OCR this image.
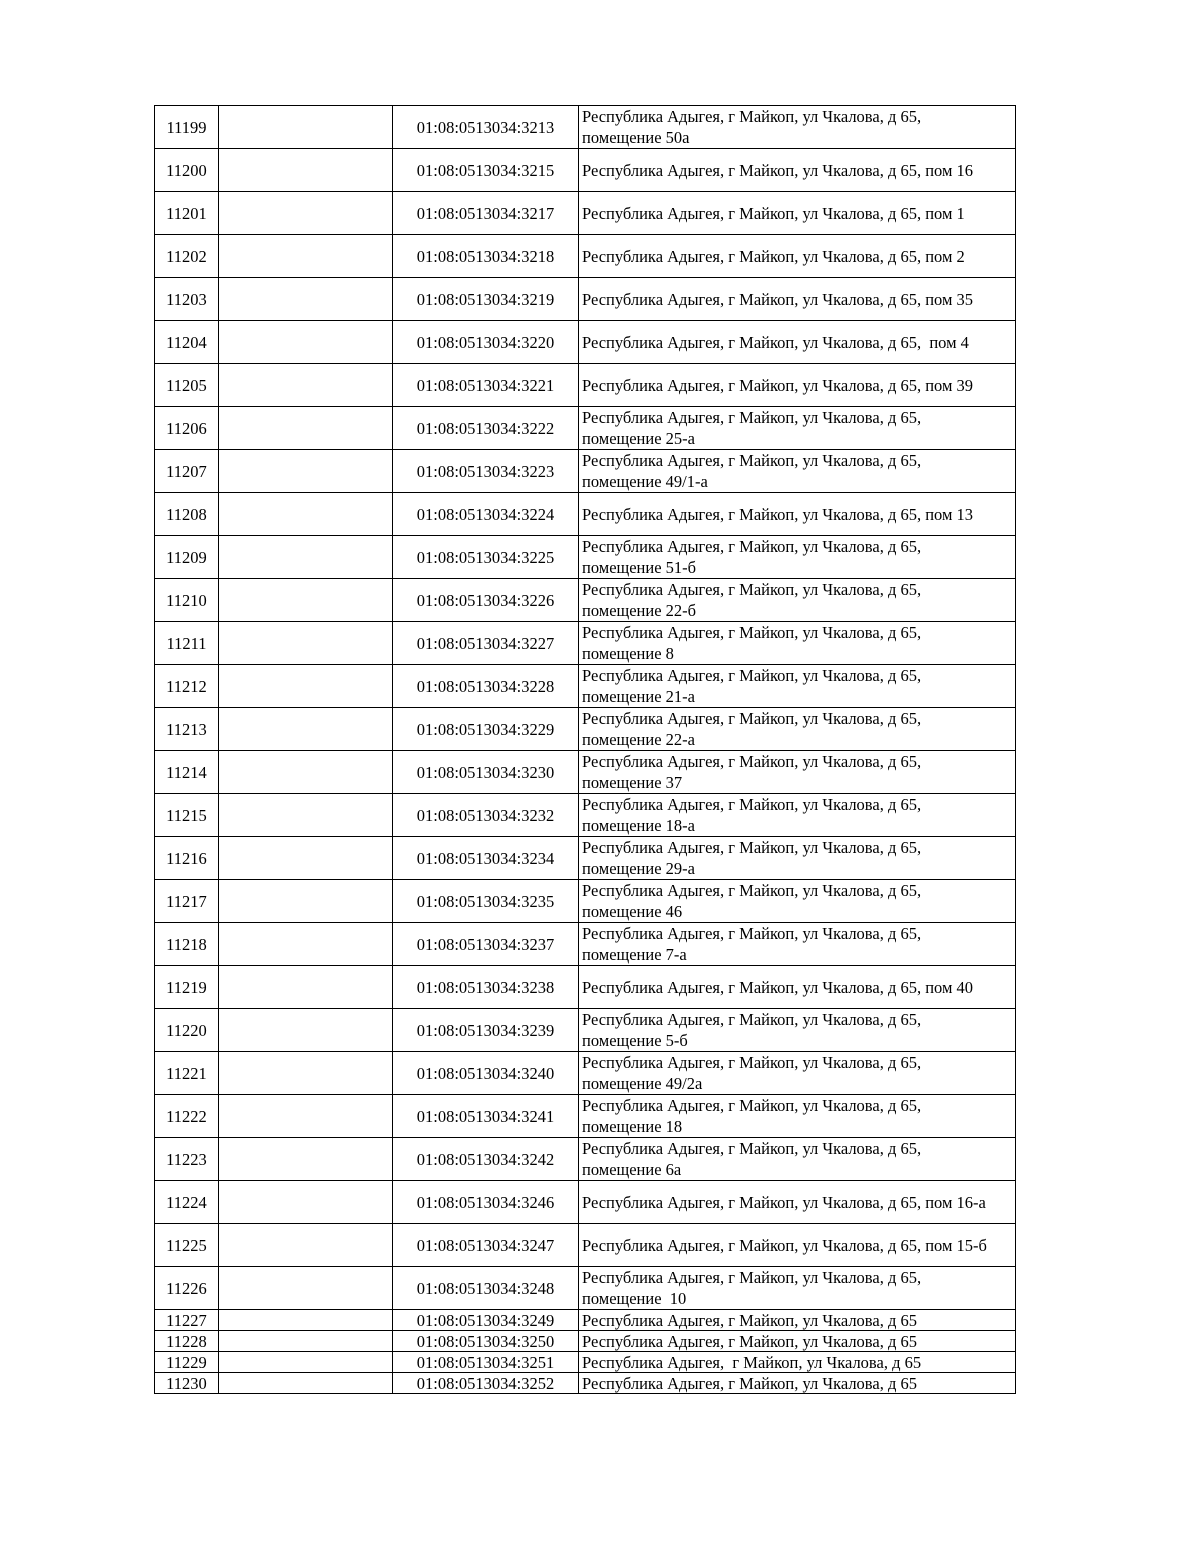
11199		01:08:0513034:3213	Республика Адыгея, г Майкоп, ул Чкалова, д 65,
помещение 50а

11200		01:08:0513034:3215	Республика Адыгея, г Майкоп, ул Чкалова, д 65, пом 16

11201		01:08:0513034:3217	Республика Адыгея, г Майкоп, ул Чкалова, д 65, пом 1

11202		01:08:0513034:3218	Республика Адыгея, г Майкоп, ул Чкалова, д 65, пом 2

11203		01:08:0513034:3219	Республика Адыгея, г Майкоп, ул Чкалова, д 65, пом 35

11204		01:08:0513034:3220	Республика Адыгея, г Майкоп, ул Чкалова, д 65,  пом 4

11205		01:08:0513034:3221	Республика Адыгея, г Майкоп, ул Чкалова, д 65, пом 39

11206		01:08:0513034:3222	Республика Адыгея, г Майкоп, ул Чкалова, д 65,
помещение 25-а

11207		01:08:0513034:3223	Республика Адыгея, г Майкоп, ул Чкалова, д 65,
помещение 49/1-а

11208		01:08:0513034:3224	Республика Адыгея, г Майкоп, ул Чкалова, д 65, пом 13

11209		01:08:0513034:3225	Республика Адыгея, г Майкоп, ул Чкалова, д 65,
помещение 51-б

11210		01:08:0513034:3226	Республика Адыгея, г Майкоп, ул Чкалова, д 65,
помещение 22-б

11211		01:08:0513034:3227	Республика Адыгея, г Майкоп, ул Чкалова, д 65,
помещение 8

11212		01:08:0513034:3228	Республика Адыгея, г Майкоп, ул Чкалова, д 65,
помещение 21-а

11213		01:08:0513034:3229	Республика Адыгея, г Майкоп, ул Чкалова, д 65,
помещение 22-а

11214		01:08:0513034:3230	Республика Адыгея, г Майкоп, ул Чкалова, д 65,
помещение 37

11215		01:08:0513034:3232	Республика Адыгея, г Майкоп, ул Чкалова, д 65,
помещение 18-а

11216		01:08:0513034:3234	Республика Адыгея, г Майкоп, ул Чкалова, д 65,
помещение 29-а

11217		01:08:0513034:3235	Республика Адыгея, г Майкоп, ул Чкалова, д 65,
помещение 46

11218		01:08:0513034:3237	Республика Адыгея, г Майкоп, ул Чкалова, д 65,
помещение 7-а

11219		01:08:0513034:3238	Республика Адыгея, г Майкоп, ул Чкалова, д 65, пом 40

11220		01:08:0513034:3239	Республика Адыгея, г Майкоп, ул Чкалова, д 65,
помещение 5-б

11221		01:08:0513034:3240	Республика Адыгея, г Майкоп, ул Чкалова, д 65,
помещение 49/2а

11222		01:08:0513034:3241	Республика Адыгея, г Майкоп, ул Чкалова, д 65,
помещение 18

11223		01:08:0513034:3242	Республика Адыгея, г Майкоп, ул Чкалова, д 65,
помещение 6а

11224		01:08:0513034:3246	Республика Адыгея, г Майкоп, ул Чкалова, д 65, пом 16-а

11225		01:08:0513034:3247	Республика Адыгея, г Майкоп, ул Чкалова, д 65, пом 15-б

11226		01:08:0513034:3248	Республика Адыгея, г Майкоп, ул Чкалова, д 65,
помещение  10

11227		01:08:0513034:3249	Республика Адыгея, г Майкоп, ул Чкалова, д 65

11228		01:08:0513034:3250	Республика Адыгея, г Майкоп, ул Чкалова, д 65

11229		01:08:0513034:3251	Республика Адыгея,  г Майкоп, ул Чкалова, д 65

11230		01:08:0513034:3252	Республика Адыгея, г Майкоп, ул Чкалова, д 65
